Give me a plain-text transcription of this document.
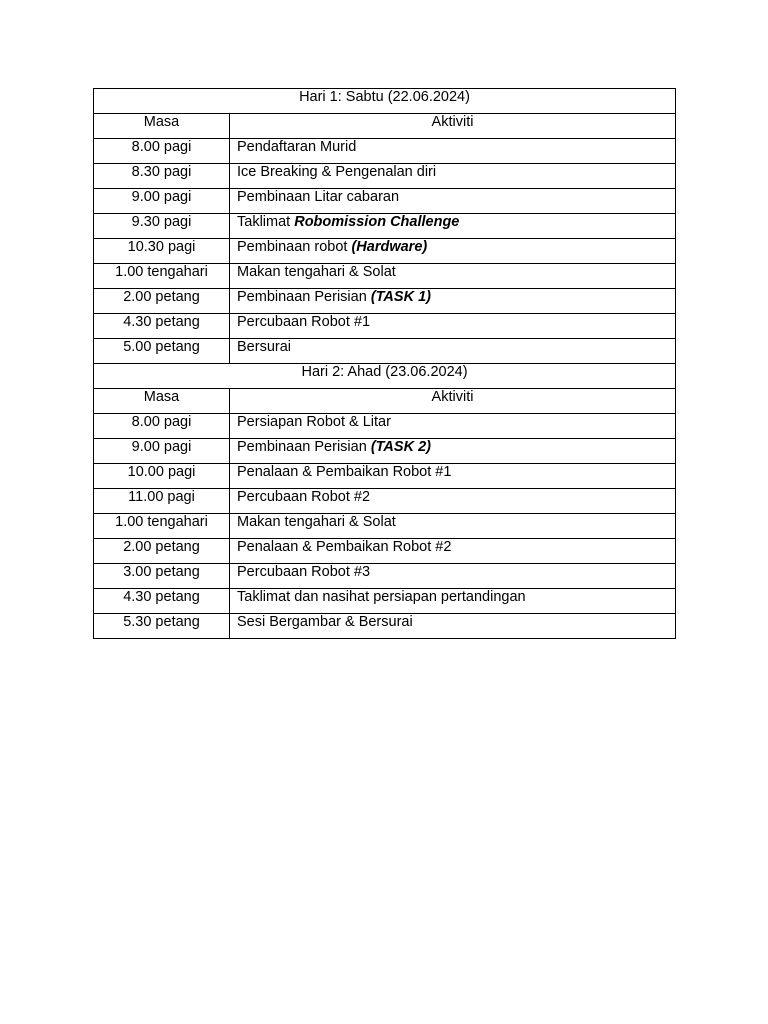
Hari 1: Sabtu (22.06.2024)	
Masa	Aktiviti
8.00 pagi	Pendaftaran Murid
8.30 pagi	Ice Breaking & Pengenalan diri
9.00 pagi	Pembinaan Litar cabaran
9.30 pagi	Taklimat Robomission Challenge
10.30 pagi	Pembinaan robot (Hardware)
1.00 tengahari	Makan tengahari & Solat
2.00 petang	Pembinaan Perisian (TASK 1)
4.30 petang	Percubaan Robot #1
5.00 petang	Bersurai
Hari 2: Ahad (23.06.2024)	
Masa	Aktiviti
8.00 pagi	Persiapan Robot & Litar
9.00 pagi	Pembinaan Perisian (TASK 2)
10.00 pagi	Penalaan & Pembaikan Robot #1
11.00 pagi	Percubaan Robot #2
1.00 tengahari	Makan tengahari & Solat
2.00 petang	Penalaan & Pembaikan Robot #2
3.00 petang	Percubaan Robot #3
4.30 petang	Taklimat dan nasihat persiapan pertandingan
5.30 petang	Sesi Bergambar & Bersurai
